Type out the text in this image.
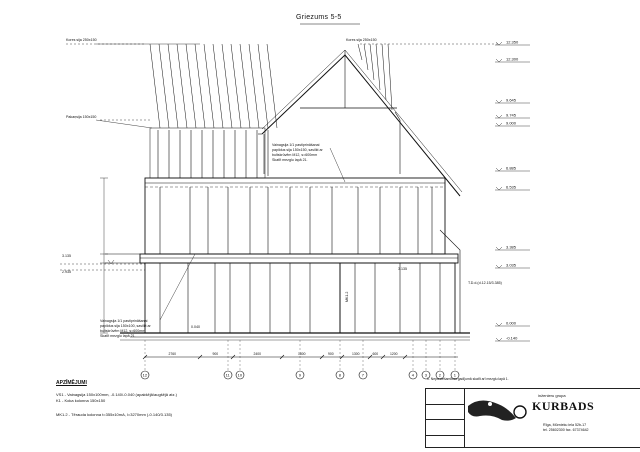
Griezums 5-5
Kores sija 250x150	Kores sija 250x150
Pakaņsija 150x150
Vainagsija 1/1 pastiprināšanai
papildus sija 150x150, savilkt ar
bultskrūvēm M12, s=600mm
Skatīt mezglu lapā 21.
Vainagsija 1/1 pastiprināšanai
papildus sija 150x100, savilkt ar
bultskrūvēm M12, s=600mm
Skatīt mezglu lapā 21.
MK1.2
3.135
2.935
3.135
0.040
T.D.d.(d.12.15/3.385)
12.350
12.300
9.645
9.745
9.000
6.885
6.535
3.385
3.035
0.000
-0.140
2760	900	2400	1800	900	1300	600	1200
12	11 10	9	8	7	4	3	2	1
APZĪMĒJUMI
VS1 - Vainagsija 150x100mm, -0.140/-0.040 (apakšējā/augšējā atz.)
K1 - Koka kolonna 150x150
MK1.2 - Tērauda kolonna t=355x10mA, l=3270mm (-0.140/3.135)
1. Nepieciešamības gadījumā skatīt arī mezglu lapā 1.
inženieru grupa
KURBADS
Rīga, Mūrnieku iela 52b-17
tel. 25602300 fax. 67374642
